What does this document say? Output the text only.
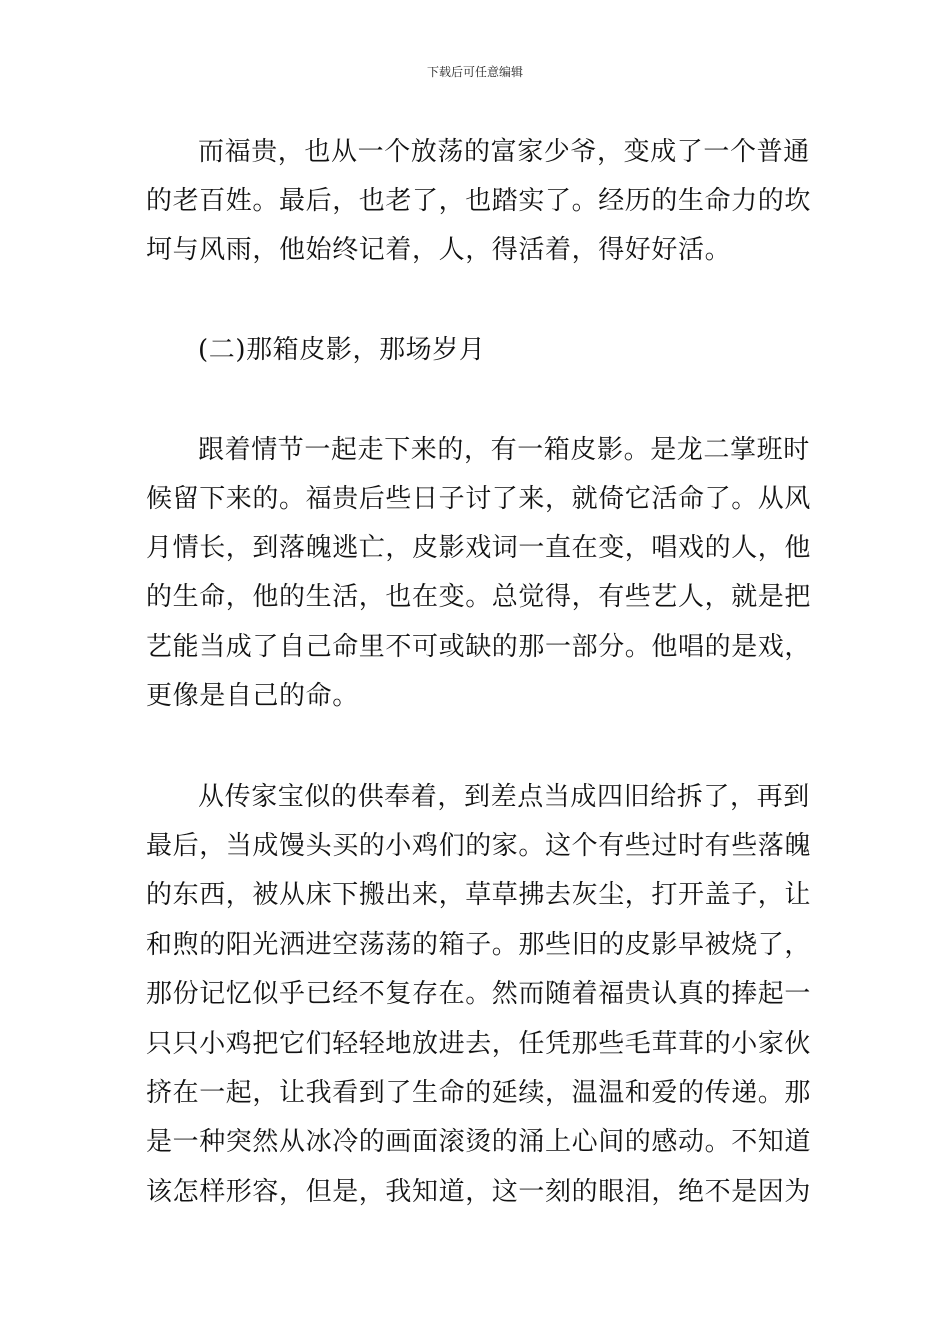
下载后可任意编辑
而福贵，也从一个放荡的富家少爷，变成了一个普通
的老百姓。最后，也老了，也踏实了。经历的生命力的坎
坷与风雨，他始终记着，人，得活着，得好好活。
(二)那箱皮影，那场岁月
跟着情节一起走下来的，有一箱皮影。是龙二掌班时
候留下来的。福贵后些日子讨了来，就倚它活命了。从风
月情长，到落魄逃亡，皮影戏词一直在变，唱戏的人，他
的生命，他的生活，也在变。总觉得，有些艺人，就是把
艺能当成了自己命里不可或缺的那一部分。他唱的是戏，
更像是自己的命。
从传家宝似的供奉着，到差点当成四旧给拆了，再到
最后，当成馒头买的小鸡们的家。这个有些过时有些落魄
的东西，被从床下搬出来，草草拂去灰尘，打开盖子，让
和煦的阳光洒进空荡荡的箱子。那些旧的皮影早被烧了，
那份记忆似乎已经不复存在。然而随着福贵认真的捧起一
只只小鸡把它们轻轻地放进去，任凭那些毛茸茸的小家伙
挤在一起，让我看到了生命的延续，温温和爱的传递。那
是一种突然从冰冷的画面滚烫的涌上心间的感动。不知道
该怎样形容，但是，我知道，这一刻的眼泪，绝不是因为
